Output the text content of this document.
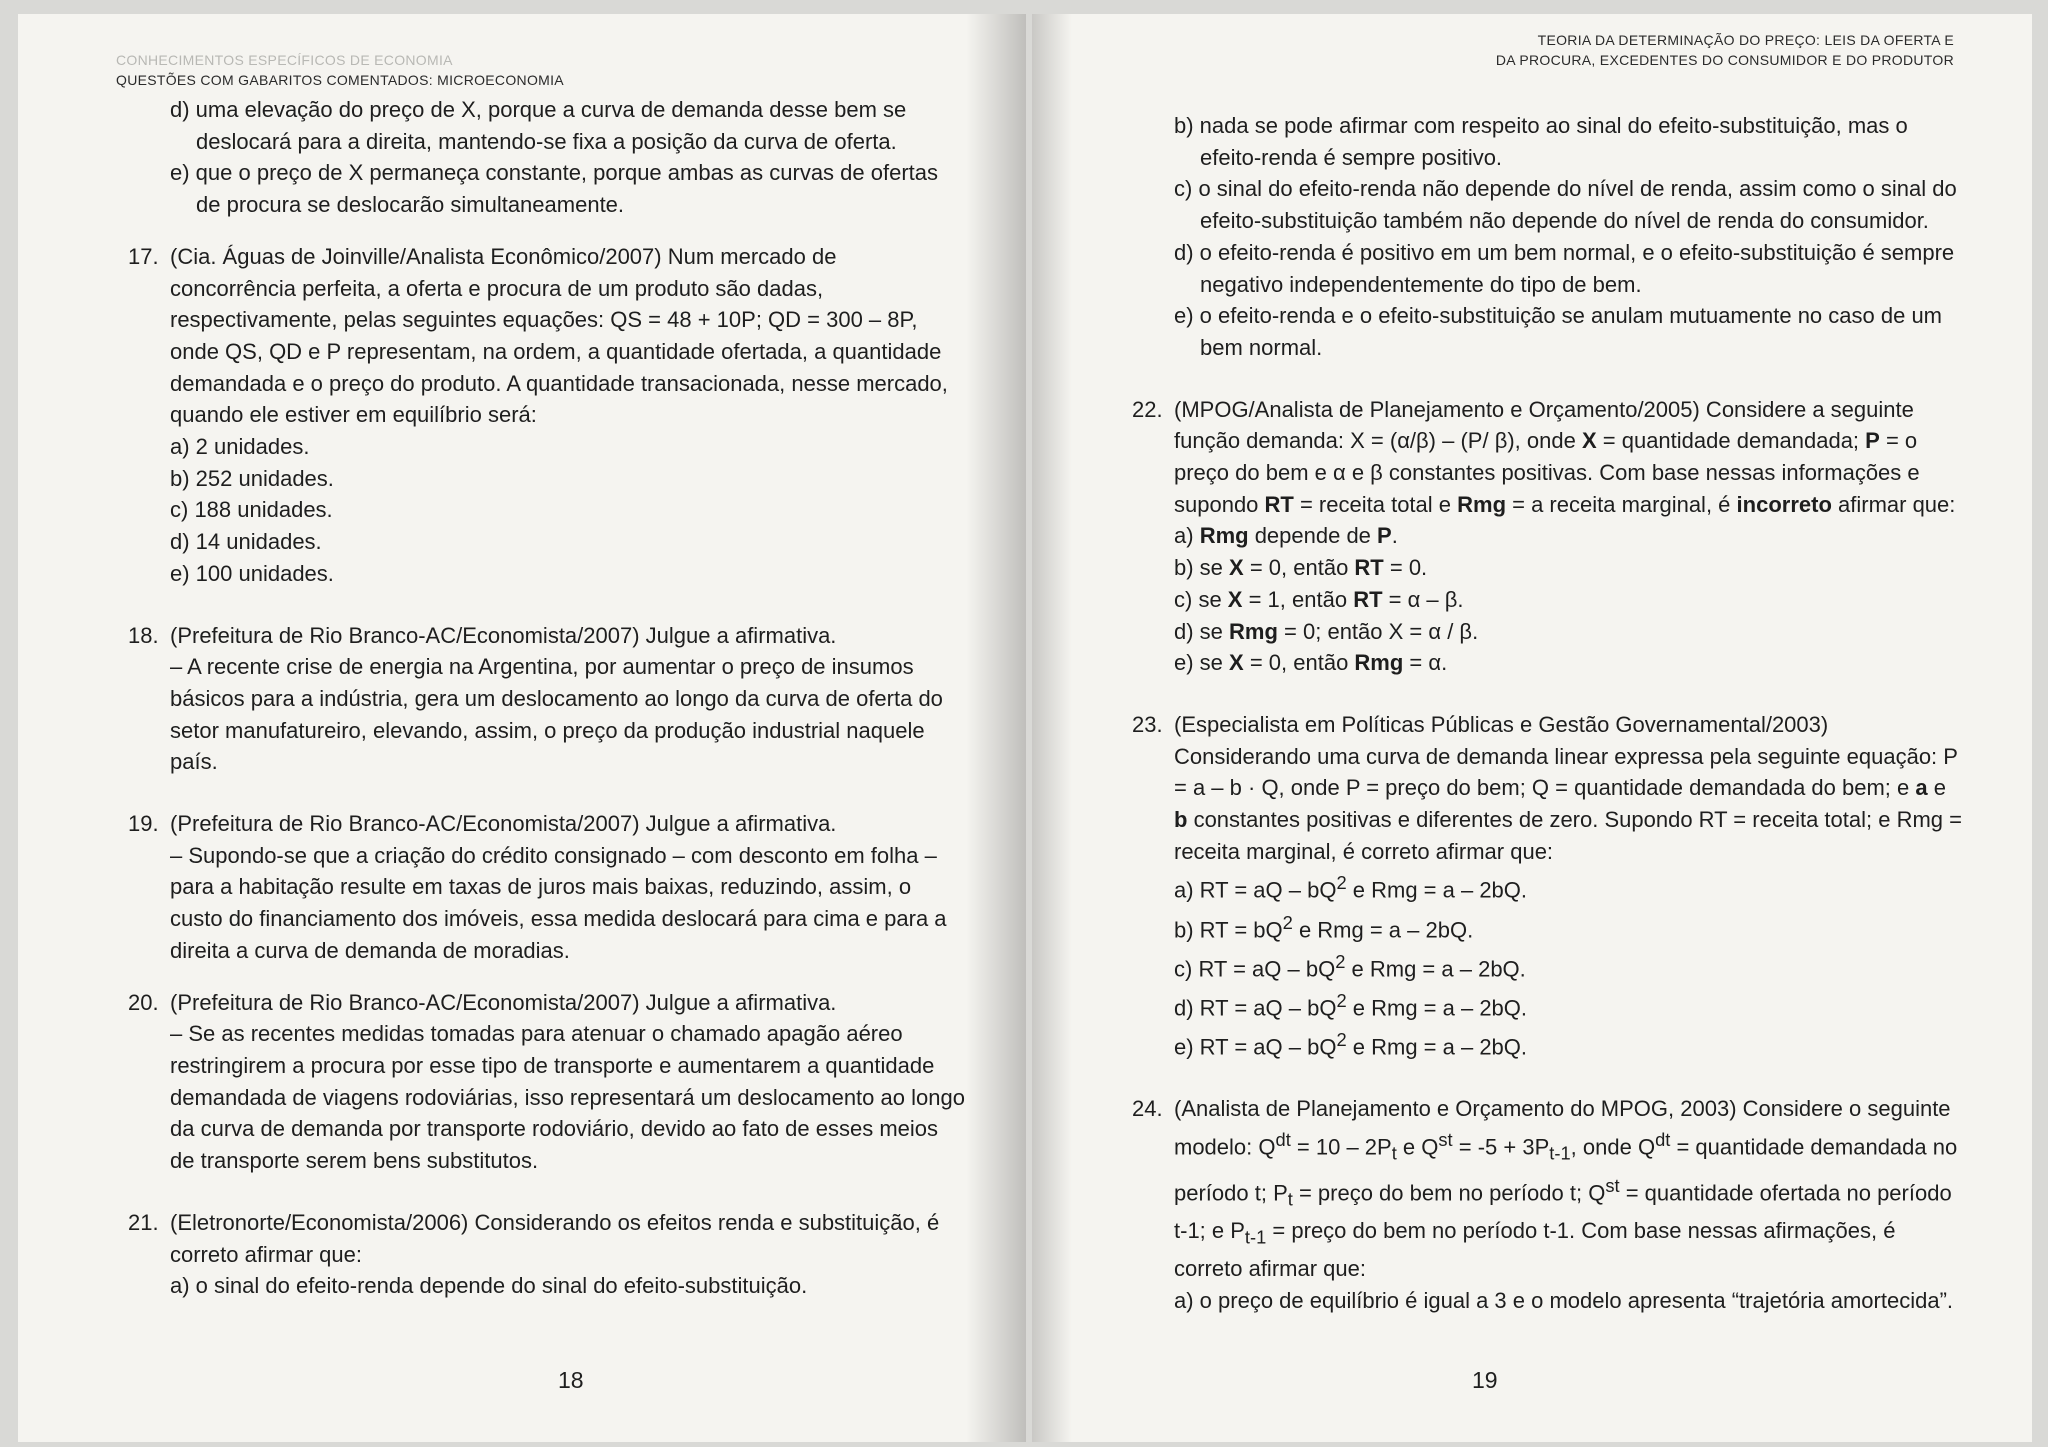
CONHECIMENTOS ESPECÍFICOS DE ECONOMIA
QUESTÕES COM GABARITOS COMENTADOS: MICROECONOMIA

d) uma elevação do preço de X, porque a curva de demanda desse bem se deslocará para a direita, mantendo-se fixa a posição da curva de oferta.

e) que o preço de X permaneça constante, porque ambas as curvas de ofertas de procura se deslocarão simultaneamente.

17. (Cia. Águas de Joinville/Analista Econômico/2007) Num mercado de concorrência perfeita, a oferta e procura de um produto são dadas, respectivamente, pelas seguintes equações: QS = 48 + 10P; QD = 300 – 8P, onde QS, QD e P representam, na ordem, a quantidade ofertada, a quantidade demandada e o preço do produto. A quantidade transacionada, nesse mercado, quando ele estiver em equilíbrio será:

a) 2 unidades.

b) 252 unidades.

c) 188 unidades.

d) 14 unidades.

e) 100 unidades.

18. (Prefeitura de Rio Branco-AC/Economista/2007) Julgue a afirmativa.

– A recente crise de energia na Argentina, por aumentar o preço de insumos básicos para a indústria, gera um deslocamento ao longo da curva de oferta do setor manufatureiro, elevando, assim, o preço da produção industrial naquele país.

19. (Prefeitura de Rio Branco-AC/Economista/2007) Julgue a afirmativa.

– Supondo-se que a criação do crédito consignado – com desconto em folha – para a habitação resulte em taxas de juros mais baixas, reduzindo, assim, o custo do financiamento dos imóveis, essa medida deslocará para cima e para a direita a curva de demanda de moradias.

20. (Prefeitura de Rio Branco-AC/Economista/2007) Julgue a afirmativa.

– Se as recentes medidas tomadas para atenuar o chamado apagão aéreo restringirem a procura por esse tipo de transporte e aumentarem a quantidade demandada de viagens rodoviárias, isso representará um deslocamento ao longo da curva de demanda por transporte rodoviário, devido ao fato de esses meios de transporte serem bens substitutos.

21. (Eletronorte/Economista/2006) Considerando os efeitos renda e substituição, é correto afirmar que:

a) o sinal do efeito-renda depende do sinal do efeito-substituição.

18
TEORIA DA DETERMINAÇÃO DO PREÇO: LEIS DA OFERTA E
DA PROCURA, EXCEDENTES DO CONSUMIDOR E DO PRODUTOR

b) nada se pode afirmar com respeito ao sinal do efeito-substituição, mas o efeito-renda é sempre positivo.

c) o sinal do efeito-renda não depende do nível de renda, assim como o sinal do efeito-substituição também não depende do nível de renda do consumidor.

d) o efeito-renda é positivo em um bem normal, e o efeito-substituição é sempre negativo independentemente do tipo de bem.

e) o efeito-renda e o efeito-substituição se anulam mutuamente no caso de um bem normal.

22. (MPOG/Analista de Planejamento e Orçamento/2005) Considere a seguinte função demanda: X = (α/β) – (P/ β), onde X = quantidade demandada; P = o preço do bem e α e β constantes positivas. Com base nessas informações e supondo RT = receita total e Rmg = a receita marginal, é incorreto afirmar que:

a) Rmg depende de P.

b) se X = 0, então RT = 0.

c) se X = 1, então RT = α – β.

d) se Rmg = 0; então X = α / β.

e) se X = 0, então Rmg = α.

23. (Especialista em Políticas Públicas e Gestão Governamental/2003) Considerando uma curva de demanda linear expressa pela seguinte equação: P = a – b · Q, onde P = preço do bem; Q = quantidade demandada do bem; e a e b constantes positivas e diferentes de zero. Supondo RT = receita total; e Rmg = receita marginal, é correto afirmar que:

a) RT = aQ – $bQ^2$ e Rmg = a – 2bQ.

b) RT = $bQ^2$ e Rmg = a – 2bQ.

c) RT = aQ – $bQ^2$ e Rmg = a – 2bQ.

d) RT = aQ – $bQ^2$ e Rmg = a – 2bQ.

e) RT = aQ – $bQ^2$ e Rmg = a – 2bQ.

24. (Analista de Planejamento e Orçamento do MPOG, 2003) Considere o seguinte modelo: $Q^{dt} = 10 - 2P_t$ e $Q^{st} = -5 + 3P_{t-1}$, onde $Q^{dt}$ = quantidade demandada no período t; $P_t$ = preço do bem no período t; $Q^{st}$ = quantidade ofertada no período t-1; e $P_{t-1}$ = preço do bem no período t-1. Com base nessas afirmações, é correto afirmar que:

a) o preço de equilíbrio é igual a 3 e o modelo apresenta “trajetória amortecida”.

19
